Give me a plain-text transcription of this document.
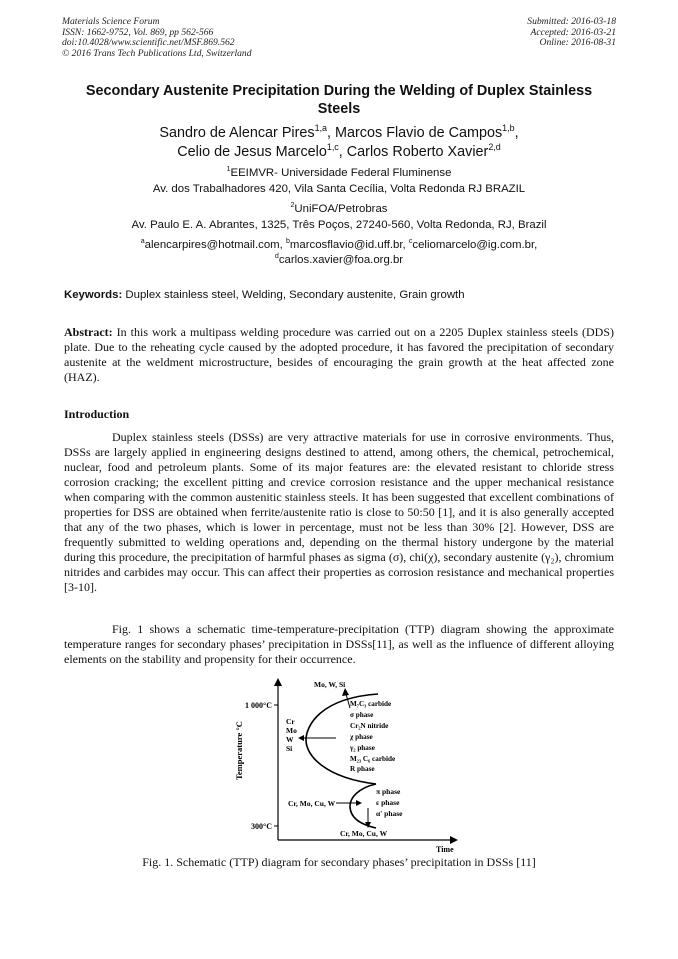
Materials Science Forum
ISSN: 1662-9752, Vol. 869, pp 562-566
doi:10.4028/www.scientific.net/MSF.869.562
© 2016 Trans Tech Publications Ltd, Switzerland
Submitted: 2016-03-18
Accepted: 2016-03-21
Online: 2016-08-31
Secondary Austenite Precipitation During the Welding of Duplex Stainless Steels
Sandro de Alencar Pires$^{1,a}$, Marcos Flavio de Campos$^{1,b}$,
Celio de Jesus Marcelo$^{1,c}$, Carlos Roberto Xavier$^{2,d}$
$^1$EEIMVR- Universidade Federal Fluminense
Av. dos Trabalhadores 420, Vila Santa Cecília, Volta Redonda RJ BRAZIL
$^2$UniFOA/Petrobras
Av. Paulo E. A. Abrantes, 1325, Três Poços, 27240-560, Volta Redonda, RJ, Brazil
$^a$alencarpires@hotmail.com, $^b$marcosflavio@id.uff.br, $^c$celiomarcelo@ig.com.br,
$^d$carlos.xavier@foa.org.br
Keywords: Duplex stainless steel, Welding, Secondary austenite, Grain growth
Abstract: In this work a multipass welding procedure was carried out on a 2205 Duplex stainless steels (DDS) plate. Due to the reheating cycle caused by the adopted procedure, it has favored the precipitation of secondary austenite at the weldment microstructure, besides of encouraging the grain growth at the heat affected zone (HAZ).
Introduction
Duplex stainless steels (DSSs) are very attractive materials for use in corrosive environments. Thus, DSSs are largely applied in engineering designs destined to attend, among others, the chemical, petrochemical, nuclear, food and petroleum plants. Some of its major features are: the elevated resistant to chloride stress corrosion cracking; the excellent pitting and crevice corrosion resistance and the upper mechanical resistance when comparing with the common austenitic stainless steels. It has been suggested that excellent combinations of properties for DSS are obtained when ferrite/austenite ratio is close to 50:50 [1], and it is also generally accepted that any of the two phases, which is lower in percentage, must not be less than 30% [2]. However, DSS are frequently submitted to welding operations and, depending on the thermal history undergone by the material during this procedure, the precipitation of harmful phases as sigma (σ), chi(χ), secondary austenite (γ₂), chromium nitrides and carbides may occur. This can affect their properties as corrosion resistance and mechanical properties [3-10].
Fig. 1 shows a schematic time-temperature-precipitation (TTP) diagram showing the approximate temperature ranges for secondary phases’ precipitation in DSSs[11], as well as the influence of different alloying elements on the stability and propensity for their occurrence.
1 000°C
300°C
Temperature °C
Time
Mo, W, Si
Cr
Mo
W
Si
M₇C₃ carbide
σ phase
Cr₂N nitride
χ phase
γ₂ phase
M₂₃ C₆ carbide
R phase
π phase
ε phase
α' phase
Cr, Mo, Cu, W
Cr, Mo, Cu, W
Fig. 1. Schematic (TTP) diagram for secondary phases’ precipitation in DSSs [11]
